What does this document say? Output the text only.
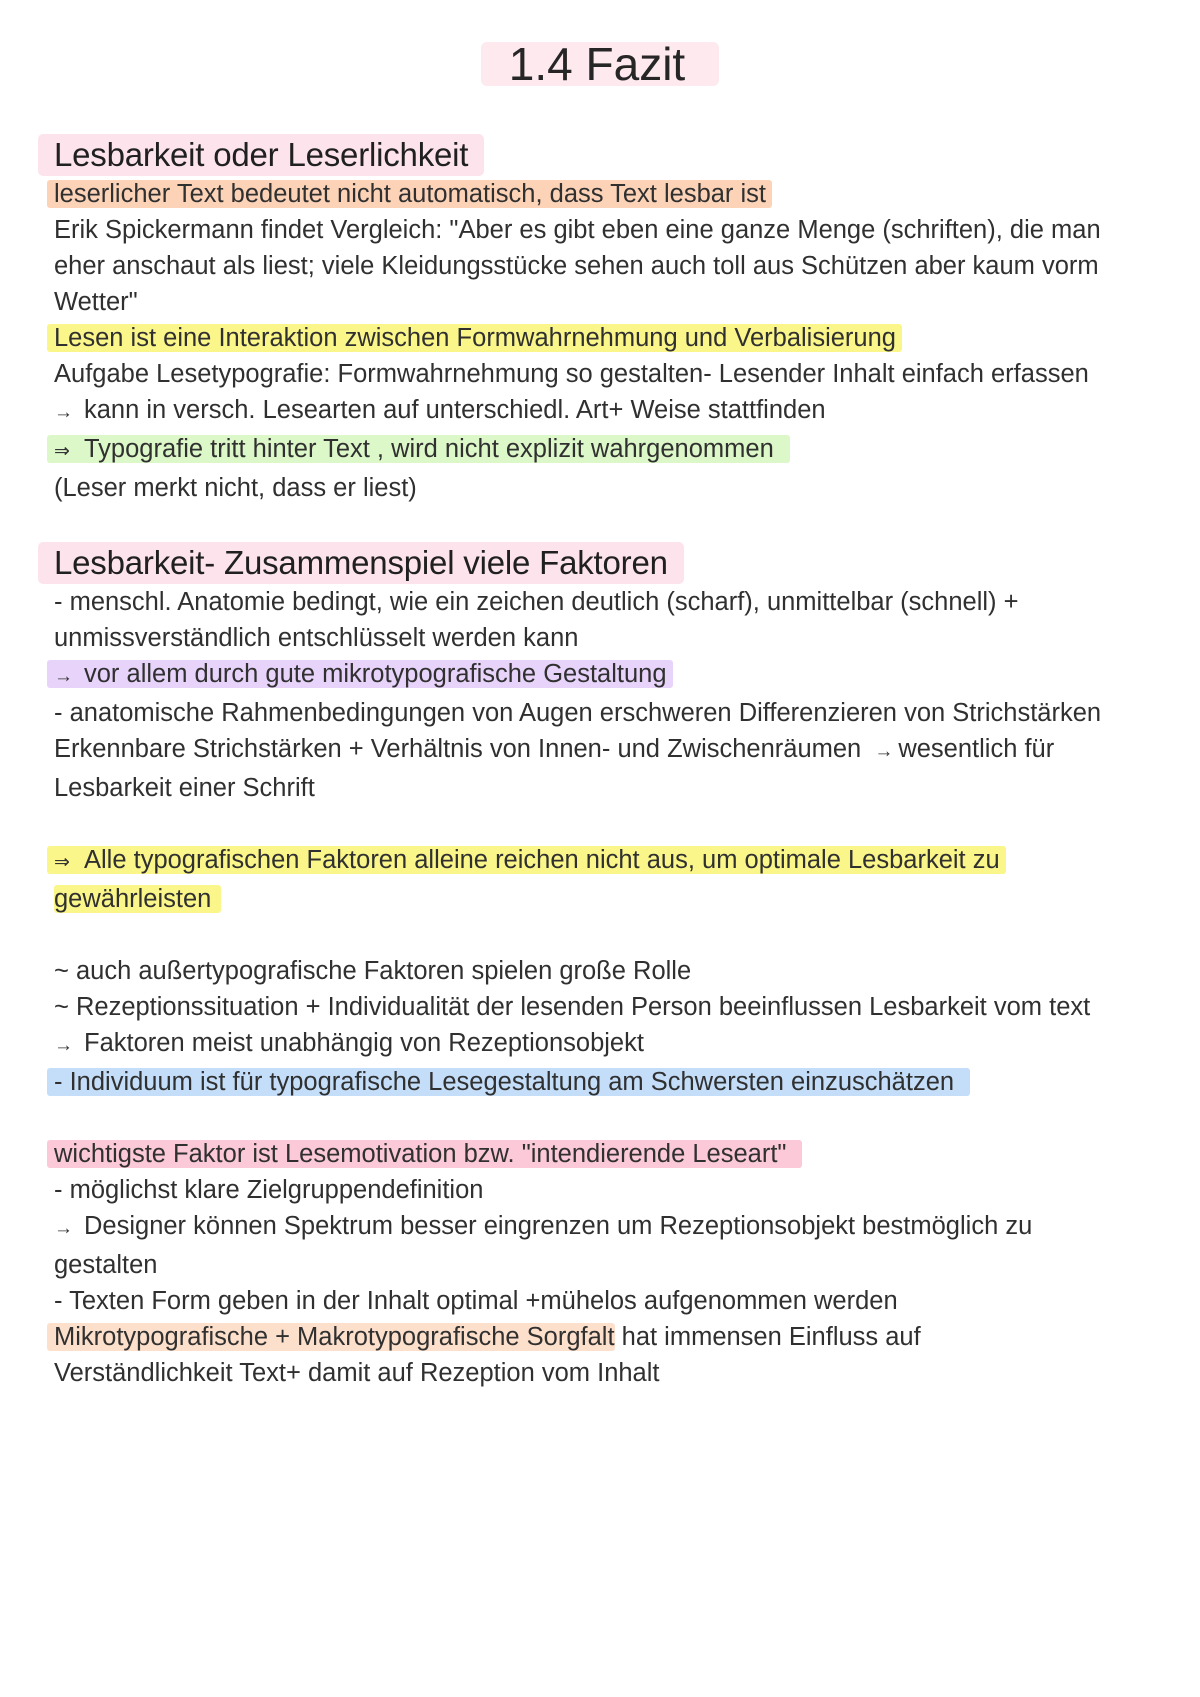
1.4 Fazit
Lesbarkeit oder Leserlichkeit
leserlicher Text bedeutet nicht automatisch, dass Text lesbar ist
Erik Spickermann findet Vergleich: "Aber es gibt eben eine ganze Menge (schriften), die man
eher anschaut als liest; viele Kleidungsstücke sehen auch toll aus Schützen aber kaum vorm
Wetter"
Lesen ist eine Interaktion zwischen Formwahrnehmung und Verbalisierung
Aufgabe Lesetypografie: Formwahrnehmung so gestalten- Lesender Inhalt einfach erfassen
→ kann in versch. Lesearten auf unterschiedl. Art+ Weise stattfinden
⇒ Typografie tritt hinter Text , wird nicht explizit wahrgenommen
(Leser merkt nicht, dass er liest)
Lesbarkeit- Zusammenspiel viele Faktoren
- menschl. Anatomie bedingt, wie ein zeichen deutlich (scharf), unmittelbar (schnell) +
unmissverständlich entschlüsselt werden kann
→ vor allem durch gute mikrotypografische Gestaltung
- anatomische Rahmenbedingungen von Augen erschweren Differenzieren von Strichstärken
Erkennbare Strichstärken + Verhältnis von Innen- und Zwischenräumen → wesentlich für
Lesbarkeit einer Schrift
⇒ Alle typografischen Faktoren alleine reichen nicht aus, um optimale Lesbarkeit zu
gewährleisten
~ auch außertypografische Faktoren spielen große Rolle
~ Rezeptionssituation + Individualität der lesenden Person beeinflussen Lesbarkeit vom text
→ Faktoren meist unabhängig von Rezeptionsobjekt
- Individuum ist für typografische Lesegestaltung am Schwersten einzuschätzen
wichtigste Faktor ist Lesemotivation bzw. "intendierende Leseart"
- möglichst klare Zielgruppendefinition
→ Designer können Spektrum besser eingrenzen um Rezeptionsobjekt bestmöglich zu
gestalten
- Texten Form geben in der Inhalt optimal +mühelos aufgenommen werden
Mikrotypografische + Makrotypografische Sorgfalt hat immensen Einfluss auf
Verständlichkeit Text+ damit auf Rezeption vom Inhalt
